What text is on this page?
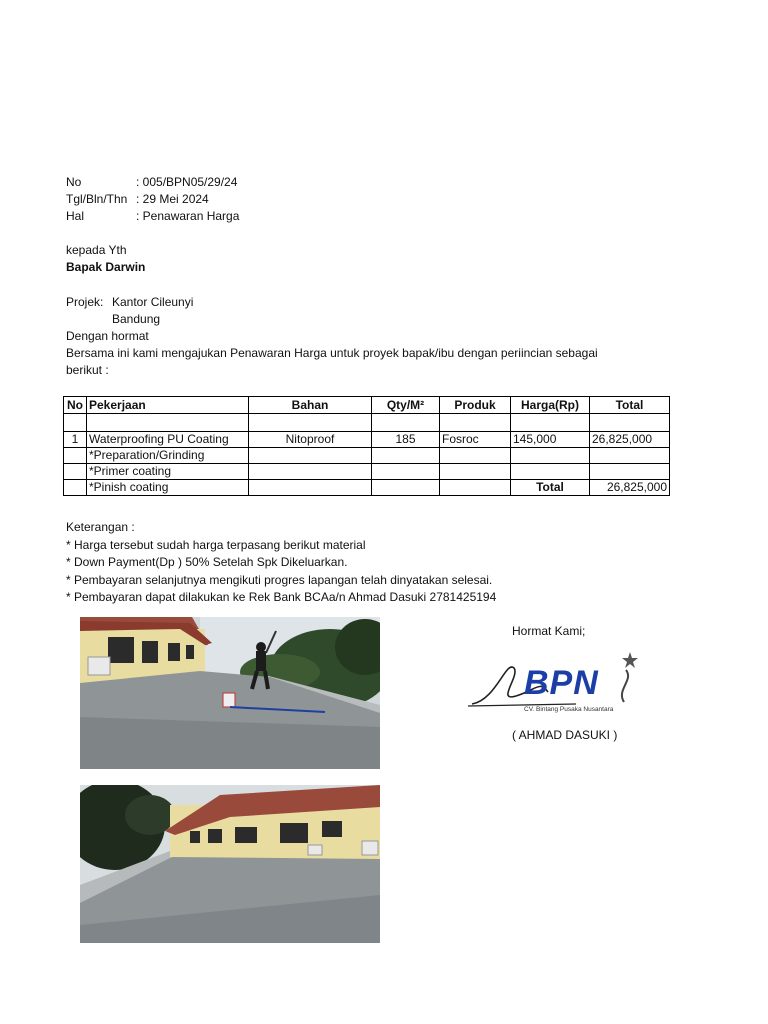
No	: 005/BPN05/29/24
Tgl/Bln/Thn : 29 Mei 2024
Hal	: Penawaran Harga
kepada Yth
Bapak Darwin
Projek: Kantor Cileunyi
Bandung
Dengan hormat
Bersama ini kami mengajukan Penawaran Harga untuk proyek bapak/ibu dengan periincian sebagai
berikut :
No	Pekerjaan	Bahan	Qty/M²	Produk	Harga(Rp)	Total

1	Waterproofing PU Coating	Nitoproof	185	Fosroc	145,000	26,825,000
	*Preparation/Grinding					
	*Primer coating					
	*Pinish coating				Total	26,825,000
Keterangan :
* Harga tersebut sudah harga terpasang berikut material
* Down Payment(Dp ) 50% Setelah Spk Dikeluarkan.
* Pembayaran selanjutnya mengikuti progres lapangan telah dinyatakan selesai.
* Pembayaran dapat dilakukan ke Rek Bank BCAa/n Ahmad Dasuki 2781425194
Hormat Kami;
BPN
CV. Bintang Pusaka Nusantara
( AHMAD DASUKI )
